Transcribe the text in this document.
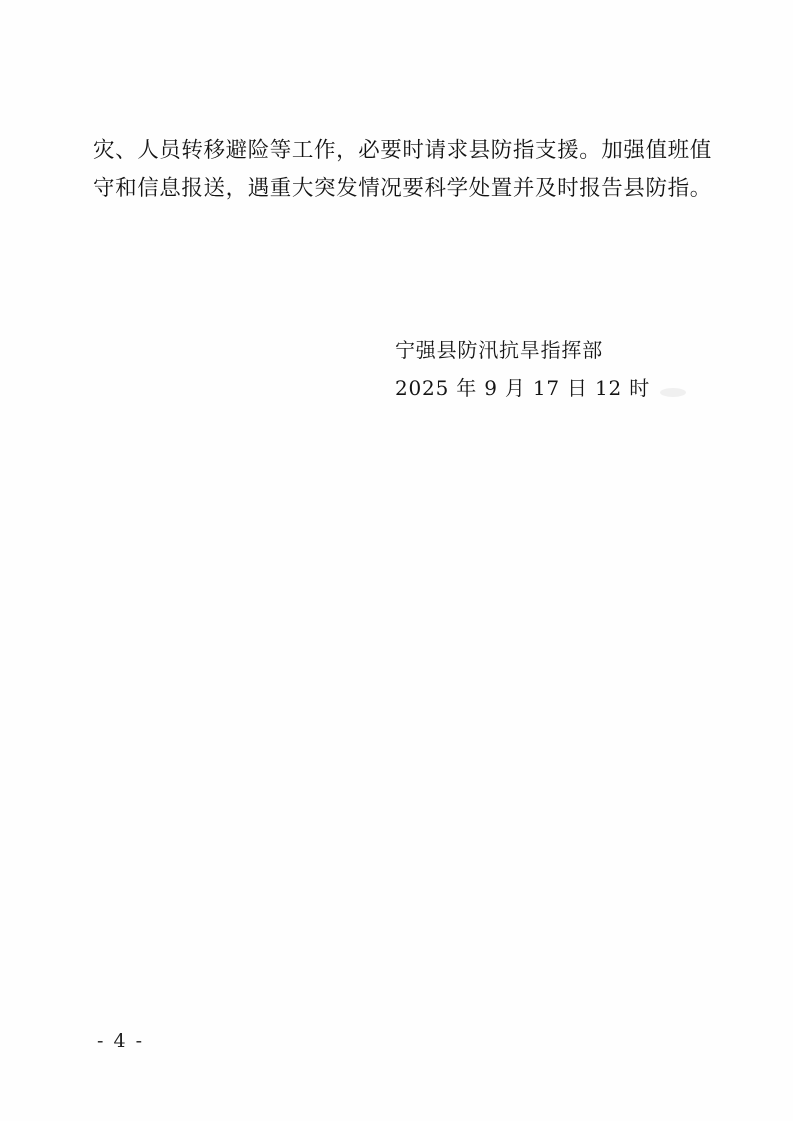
灾、人员转移避险等工作，必要时请求县防指支援。加强值班值
守和信息报送，遇重大突发情况要科学处置并及时报告县防指。
宁强县防汛抗旱指挥部
2025 年 9 月 17 日 12 时
- 4 -
